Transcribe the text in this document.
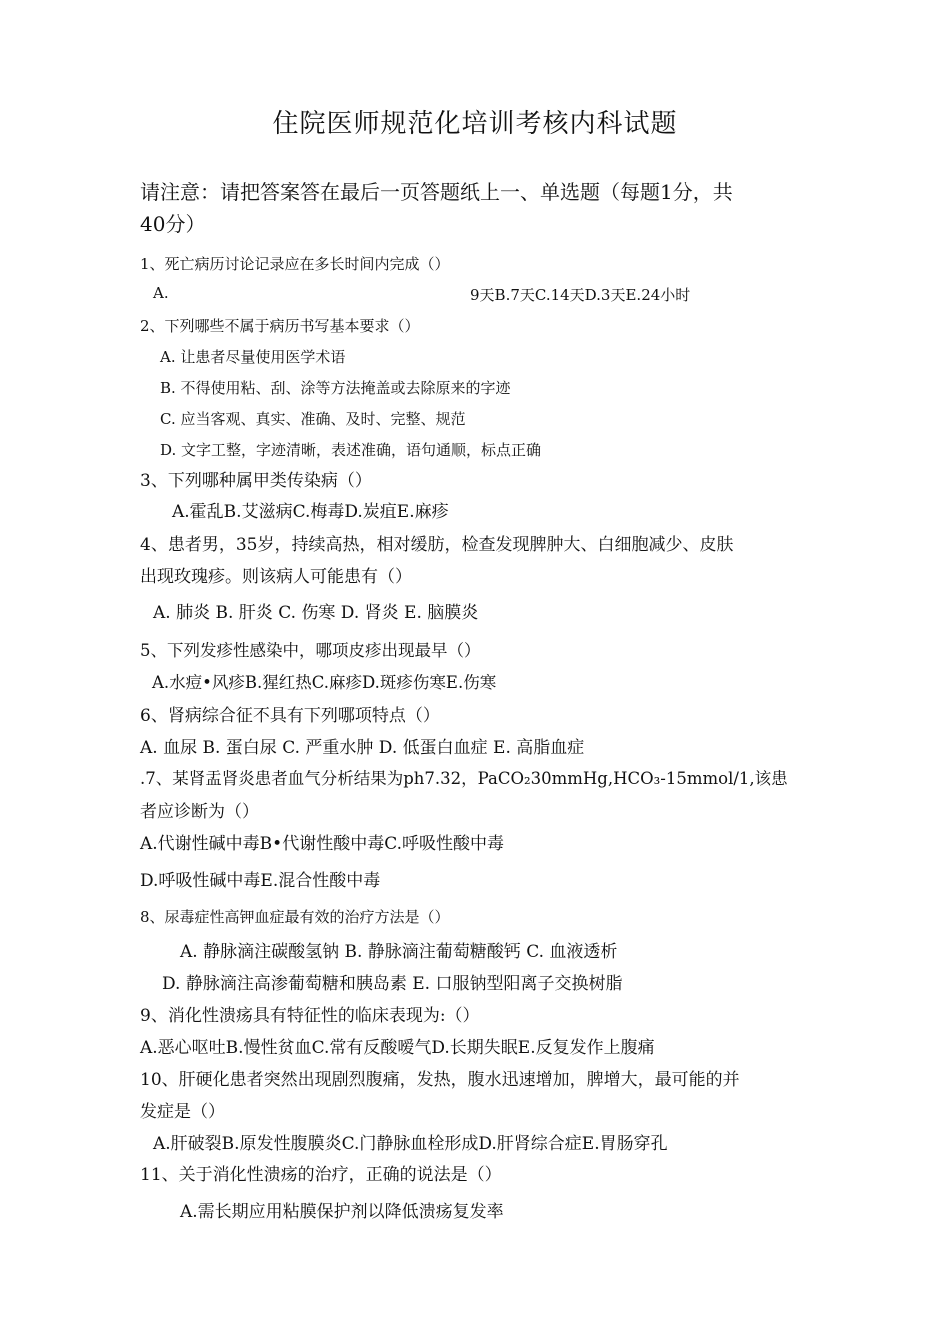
住院医师规范化培训考核内科试题
请注意：请把答案答在最后一页答题纸上一、单选题（每题1分，共
40分）
1、死亡病历讨论记录应在多长时间内完成（）
A.	9天B.7天C.14天D.3天E.24小时
2、下列哪些不属于病历书写基本要求（）
A. 让患者尽量使用医学术语
B. 不得使用粘、刮、涂等方法掩盖或去除原来的字迹
C. 应当客观、真实、准确、及时、完整、规范
D. 文字工整，字迹清晰，表述准确，语句通顺，标点正确
3、下列哪种属甲类传染病（）
A.霍乱B.艾滋病C.梅毒D.炭疽E.麻疹
4、患者男，35岁，持续高热，相对缓肪，检查发现脾肿大、白细胞减少、皮肤
出现玫瑰疹。则该病人可能患有（）
A. 肺炎 B. 肝炎 C. 伤寒 D. 肾炎 E. 脑膜炎
5、下列发疹性感染中，哪项皮疹出现最早（）
A.水痘•风疹B.猩红热C.麻疹D.斑疹伤寒E.伤寒
6、肾病综合征不具有下列哪项特点（）
A. 血尿 B. 蛋白尿 C. 严重水肿 D. 低蛋白血症 E. 高脂血症
.7、某肾盂肾炎患者血气分析结果为ph7.32，PaCO₂30mmHg,HCO₃-15mmol/1,该患
者应诊断为（）
A.代谢性碱中毒B•代谢性酸中毒C.呼吸性酸中毒
D.呼吸性碱中毒E.混合性酸中毒
8、尿毒症性高钾血症最有效的治疗方法是（）
A. 静脉滴注碳酸氢钠 B. 静脉滴注葡萄糖酸钙 C. 血液透析
D. 静脉滴注高渗葡萄糖和胰岛素 E. 口服钠型阳离子交换树脂
9、消化性溃疡具有特征性的临床表现为:（）
A.恶心呕吐B.慢性贫血C.常有反酸嗳气D.长期失眠E.反复发作上腹痛
10、肝硬化患者突然出现剧烈腹痛，发热，腹水迅速增加，脾增大，最可能的并
发症是（）
A.肝破裂B.原发性腹膜炎C.门静脉血栓形成D.肝肾综合症E.胃肠穿孔
11、关于消化性溃疡的治疗，正确的说法是（）
A.需长期应用粘膜保护剂以降低溃疡复发率
